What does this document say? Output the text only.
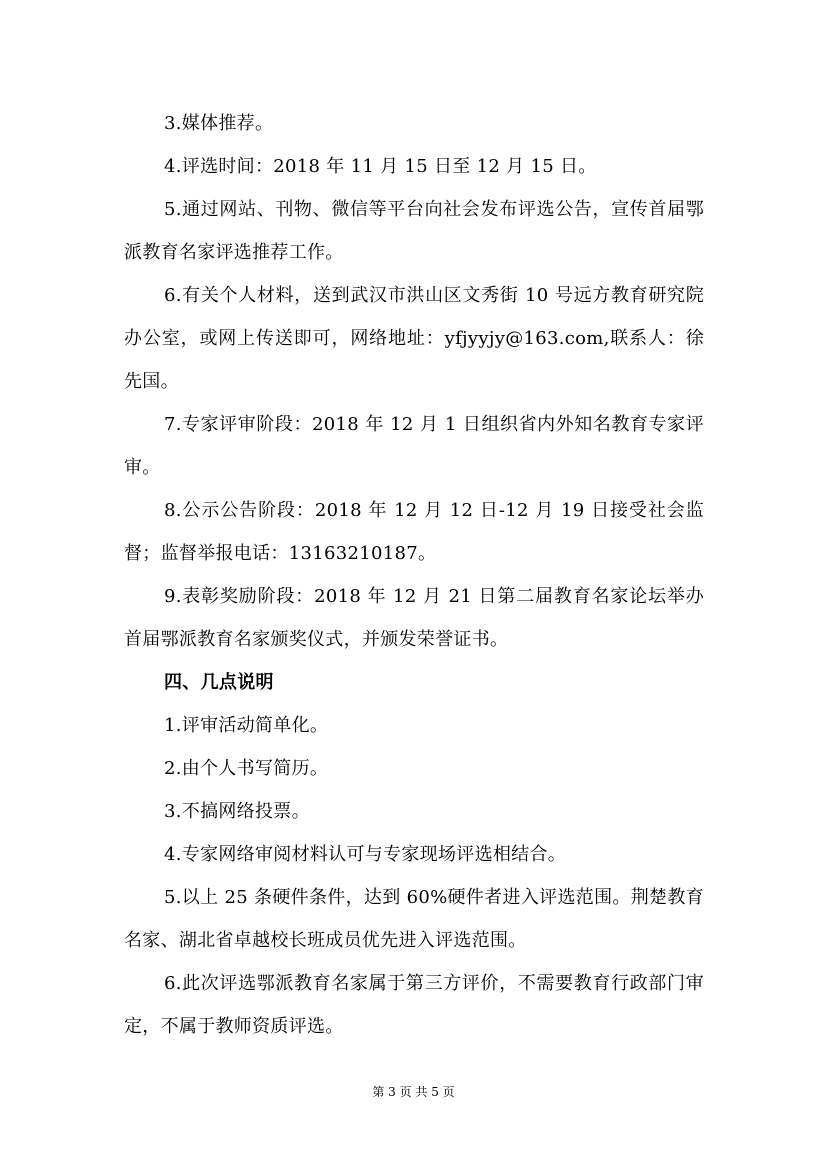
3.媒体推荐。

4.评选时间：2018 年 11 月 15 日至 12 月 15 日。

5.通过网站、刊物、微信等平台向社会发布评选公告，宣传首届鄂派教育名家评选推荐工作。

6.有关个人材料，送到武汉市洪山区文秀街 10 号远方教育研究院办公室，或网上传送即可，网络地址：yfjyyjy@163.com,联系人：徐先国。

7.专家评审阶段：2018 年 12 月 1 日组织省内外知名教育专家评审。

8.公示公告阶段：2018 年 12 月 12 日-12 月 19 日接受社会监督；监督举报电话：13163210187。

9.表彰奖励阶段：2018 年 12 月 21 日第二届教育名家论坛举办首届鄂派教育名家颁奖仪式，并颁发荣誉证书。

四、几点说明

1.评审活动简单化。

2.由个人书写简历。

3.不搞网络投票。

4.专家网络审阅材料认可与专家现场评选相结合。

5.以上 25 条硬件条件，达到 60%硬件者进入评选范围。荆楚教育名家、湖北省卓越校长班成员优先进入评选范围。

6.此次评选鄂派教育名家属于第三方评价，不需要教育行政部门审定，不属于教师资质评选。

第 3 页 共 5 页
